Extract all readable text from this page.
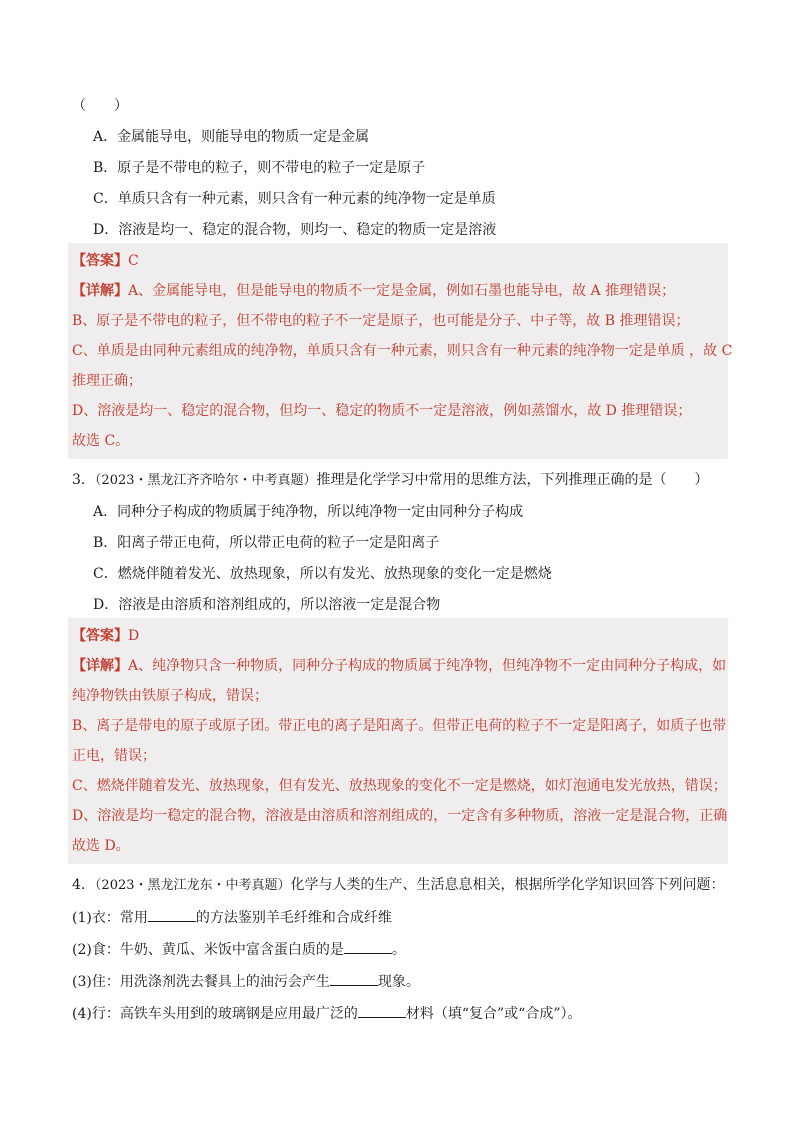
（　　）
A．金属能导电，则能导电的物质一定是金属
B．原子是不带电的粒子，则不带电的粒子一定是原子
C．单质只含有一种元素，则只含有一种元素的纯净物一定是单质
D．溶液是均一、稳定的混合物，则均一、稳定的物质一定是溶液
【答案】C
【详解】A、金属能导电，但是能导电的物质不一定是金属，例如石墨也能导电，故 A 推理错误；
B、原子是不带电的粒子，但不带电的粒子不一定是原子，也可能是分子、中子等，故 B 推理错误；
C、单质是由同种元素组成的纯净物，单质只含有一种元素，则只含有一种元素的纯净物一定是单质 ，故 C
推理正确；
D、溶液是均一、稳定的混合物，但均一、稳定的物质不一定是溶液，例如蒸馏水，故 D 推理错误；
故选 C。
3．（2023・黑龙江齐齐哈尔・中考真题）推理是化学学习中常用的思维方法，下列推理正确的是（　　）
A．同种分子构成的物质属于纯净物，所以纯净物一定由同种分子构成
B．阳离子带正电荷，所以带正电荷的粒子一定是阳离子
C．燃烧伴随着发光、放热现象，所以有发光、放热现象的变化一定是燃烧
D．溶液是由溶质和溶剂组成的，所以溶液一定是混合物
【答案】D
【详解】A、纯净物只含一种物质，同种分子构成的物质属于纯净物，但纯净物不一定由同种分子构成，如
纯净物铁由铁原子构成，错误；
B、离子是带电的原子或原子团。带正电的离子是阳离子。但带正电荷的粒子不一定是阳离子，如质子也带
正电，错误；
C、燃烧伴随着发光、放热现象，但有发光、放热现象的变化不一定是燃烧，如灯泡通电发光放热，错误；
D、溶液是均一稳定的混合物，溶液是由溶质和溶剂组成的，一定含有多种物质，溶液一定是混合物，正确
故选 D。
4．（2023・黑龙江龙东・中考真题）化学与人类的生产、生活息息相关，根据所学化学知识回答下列问题：
(1)衣：常用	的方法鉴别羊毛纤维和合成纤维
(2)食：牛奶、黄瓜、米饭中富含蛋白质的是	。
(3)住：用洗涤剂洗去餐具上的油污会产生	现象。
(4)行：高铁车头用到的玻璃钢是应用最广泛的	材料（填“复合”或“合成”）。
